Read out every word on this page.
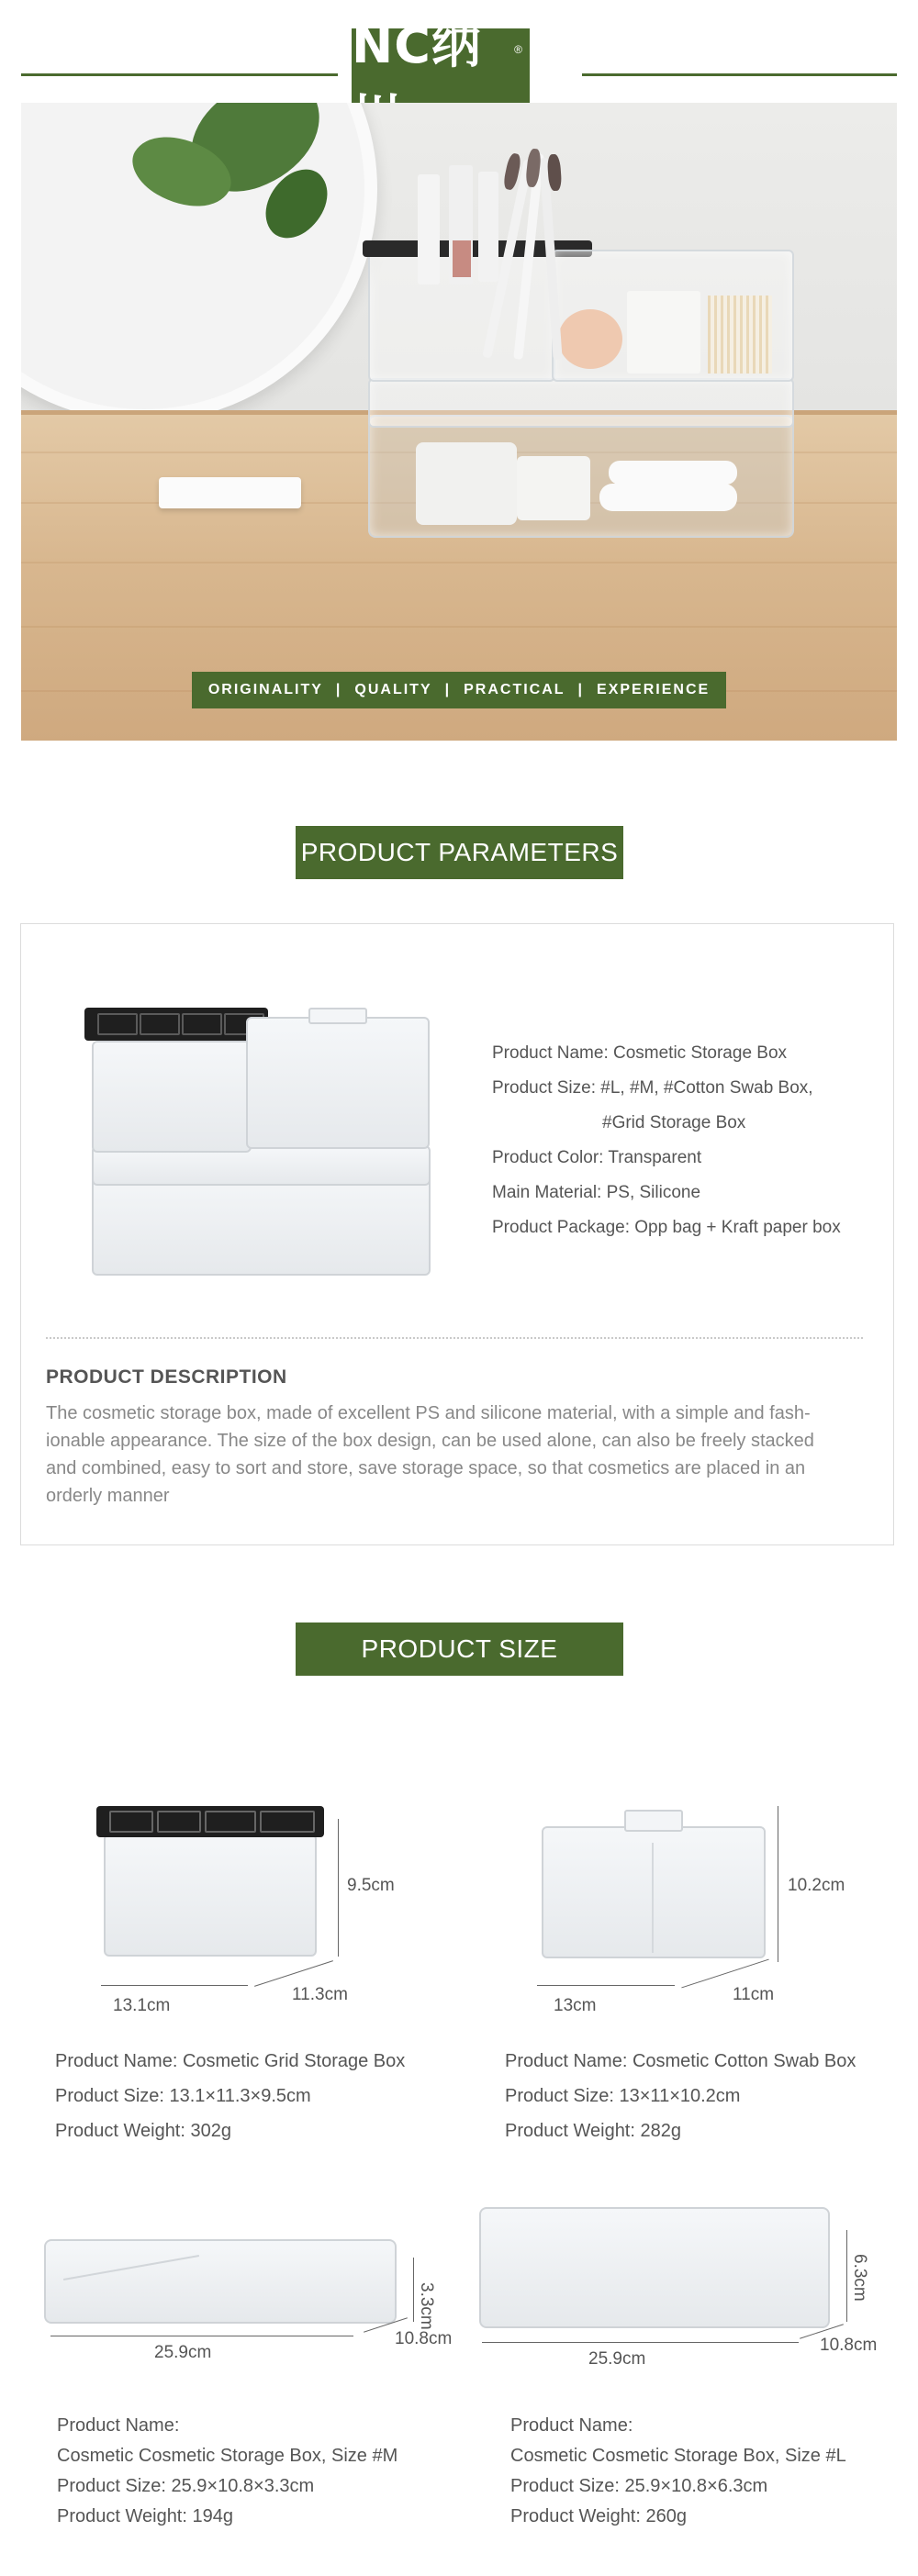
NC纳	®
ORIGINALITY | QUALITY | PRACTICAL | EXPERIENCE
PRODUCT PARAMETERS
Product Name: Cosmetic Storage Box
Product Size: #L, #M, #Cotton Swab Box,
#Grid Storage Box
Product Color: Transparent
Main Material: PS, Silicone
Product Package: Opp bag + Kraft paper box
PRODUCT DESCRIPTION
The cosmetic storage box, made of excellent PS and silicone material, with a simple and fash-
ionable appearance. The size of the box design, can be used alone, can also be freely stacked
and combined, easy to sort and store, save storage space, so that cosmetics are placed in an
orderly manner
PRODUCT SIZE
9.5cm
13.1cm
11.3cm
Product Name: Cosmetic Grid Storage Box
Product Size: 13.1×11.3×9.5cm
Product Weight: 302g
10.2cm
13cm
11cm
Product Name: Cosmetic Cotton Swab Box
Product Size: 13×11×10.2cm
Product Weight: 282g
3.3cm
25.9cm
10.8cm
Product Name:
Cosmetic Cosmetic Storage Box, Size #M
Product Size: 25.9×10.8×3.3cm
Product Weight: 194g
6.3cm
25.9cm
10.8cm
Product Name:
Cosmetic Cosmetic Storage Box, Size #L
Product Size: 25.9×10.8×6.3cm
Product Weight: 260g
